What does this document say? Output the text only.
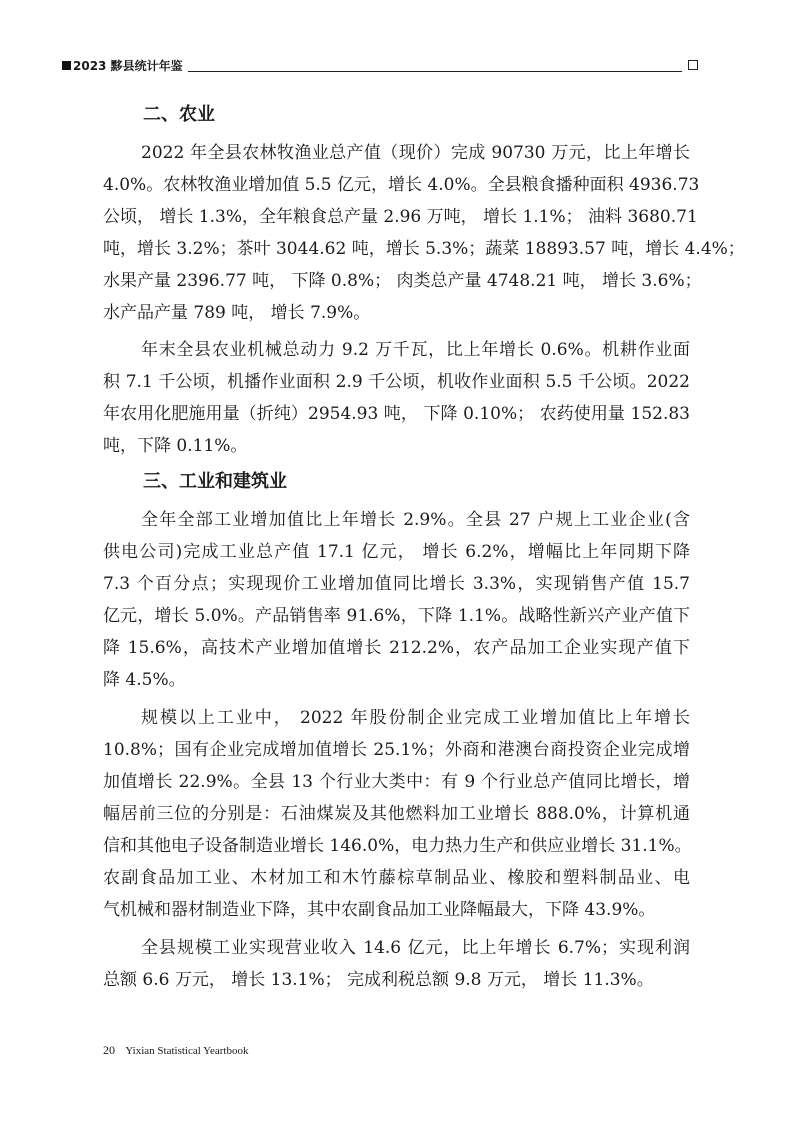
2023 黟县统计年鉴
二、农业
2022 年全县农林牧渔业总产值（现价）完成 90730 万元，比上年增长
4.0%。农林牧渔业增加值 5.5 亿元，增长 4.0%。全县粮食播种面积 4936.73
公顷， 增长 1.3%，全年粮食总产量 2.96 万吨， 增长 1.1%； 油料 3680.71
吨，增长 3.2%；茶叶 3044.62 吨，增长 5.3%；蔬菜 18893.57 吨，增长 4.4%；
水果产量 2396.77 吨， 下降 0.8%； 肉类总产量 4748.21 吨， 增长 3.6%；
水产品产量 789 吨， 增长 7.9%。
年末全县农业机械总动力 9.2 万千瓦，比上年增长 0.6%。机耕作业面
积 7.1 千公顷，机播作业面积 2.9 千公顷，机收作业面积 5.5 千公顷。2022
年农用化肥施用量（折纯）2954.93 吨， 下降 0.10%； 农药使用量 152.83
吨，下降 0.11%。
三、工业和建筑业
全年全部工业增加值比上年增长 2.9%。全县 27 户规上工业企业(含
供电公司)完成工业总产值 17.1 亿元， 增长 6.2%，增幅比上年同期下降
7.3 个百分点；实现现价工业增加值同比增长 3.3%，实现销售产值 15.7
亿元，增长 5.0%。产品销售率 91.6%，下降 1.1%。战略性新兴产业产值下
降 15.6%，高技术产业增加值增长 212.2%，农产品加工企业实现产值下
降 4.5%。
规模以上工业中， 2022 年股份制企业完成工业增加值比上年增长
10.8%；国有企业完成增加值增长 25.1%；外商和港澳台商投资企业完成增
加值增长 22.9%。全县 13 个行业大类中：有 9 个行业总产值同比增长，增
幅居前三位的分别是：石油煤炭及其他燃料加工业增长 888.0%，计算机通
信和其他电子设备制造业增长 146.0%，电力热力生产和供应业增长 31.1%。
农副食品加工业、木材加工和木竹藤棕草制品业、橡胶和塑料制品业、电
气机械和器材制造业下降，其中农副食品加工业降幅最大，下降 43.9%。
全县规模工业实现营业收入 14.6 亿元，比上年增长 6.7%；实现利润
总额 6.6 万元， 增长 13.1%； 完成利税总额 9.8 万元， 增长 11.3%。
20 Yixian Statistical Yeartbook
